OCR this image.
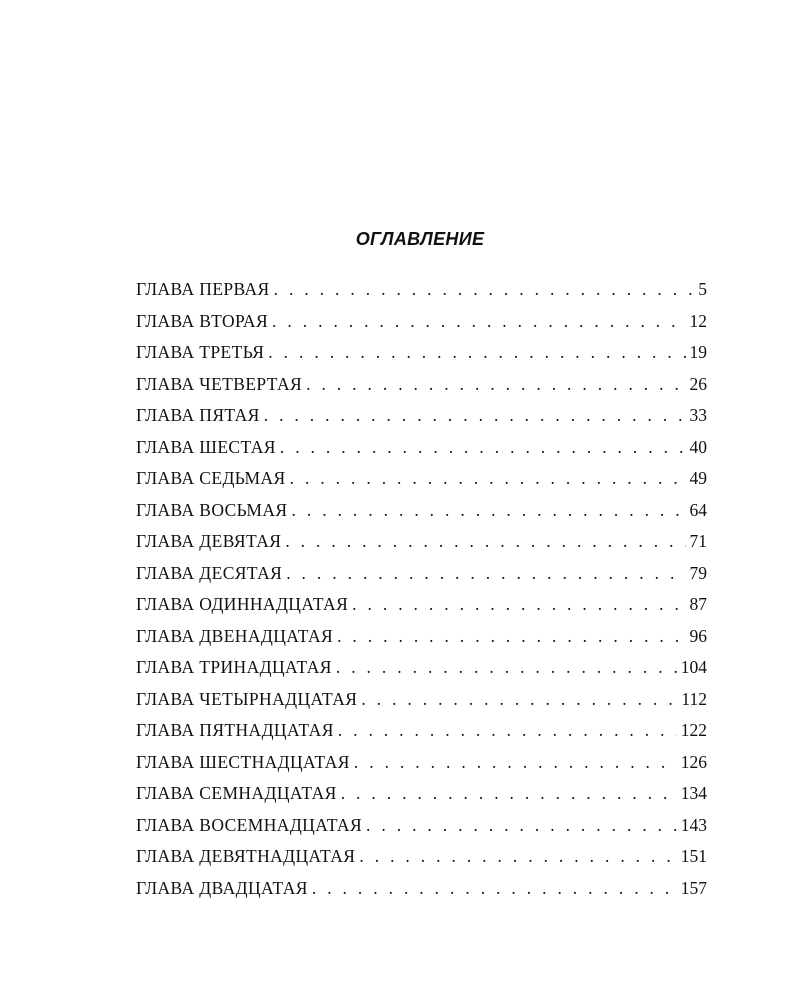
ОГЛАВЛЕНИЕ
ГЛАВА ПЕРВАЯ . . .	5
ГЛАВА ВТОРАЯ . . .	12
ГЛАВА ТРЕТЬЯ . . .	19
ГЛАВА ЧЕТВЕРТАЯ . . .	26
ГЛАВА ПЯТАЯ . . .	33
ГЛАВА ШЕСТАЯ . . .	40
ГЛАВА СЕДЬМАЯ . . .	49
ГЛАВА ВОСЬМАЯ . . .	64
ГЛАВА ДЕВЯТАЯ . . .	71
ГЛАВА ДЕСЯТАЯ . . .	79
ГЛАВА ОДИННАДЦАТАЯ . . .	87
ГЛАВА ДВЕНАДЦАТАЯ . . .	96
ГЛАВА ТРИНАДЦАТАЯ . . .	104
ГЛАВА ЧЕТЫРНАДЦАТАЯ . . .	112
ГЛАВА ПЯТНАДЦАТАЯ . . .	122
ГЛАВА ШЕСТНАДЦАТАЯ . . .	126
ГЛАВА СЕМНАДЦАТАЯ . . .	134
ГЛАВА ВОСЕМНАДЦАТАЯ . . .	143
ГЛАВА ДЕВЯТНАДЦАТАЯ . . .	151
ГЛАВА ДВАДЦАТАЯ . . .	157
